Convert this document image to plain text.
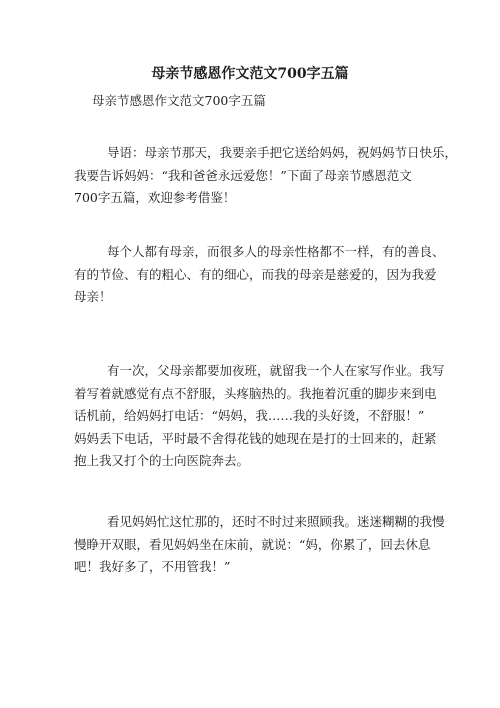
母亲节感恩作文范文700字五篇

母亲节感恩作文范文700字五篇

导语：母亲节那天，我要亲手把它送给妈妈，祝妈妈节日快乐，
我要告诉妈妈：“我和爸爸永远爱您！”下面了母亲节感恩范文
700字五篇，欢迎参考借鉴！
每个人都有母亲，而很多人的母亲性格都不一样，有的善良、
有的节俭、有的粗心、有的细心，而我的母亲是慈爱的，因为我爱
母亲！
有一次，父母亲都要加夜班，就留我一个人在家写作业。我写
着写着就感觉有点不舒服，头疼脑热的。我拖着沉重的脚步来到电
话机前，给妈妈打电话：“妈妈，我……我的头好烫，不舒服！”
妈妈丢下电话，平时最不舍得花钱的她现在是打的士回来的，赶紧
抱上我又打个的士向医院奔去。
看见妈妈忙这忙那的，还时不时过来照顾我。迷迷糊糊的我慢
慢睁开双眼，看见妈妈坐在床前，就说：“妈，你累了，回去休息
吧！我好多了，不用管我！”
